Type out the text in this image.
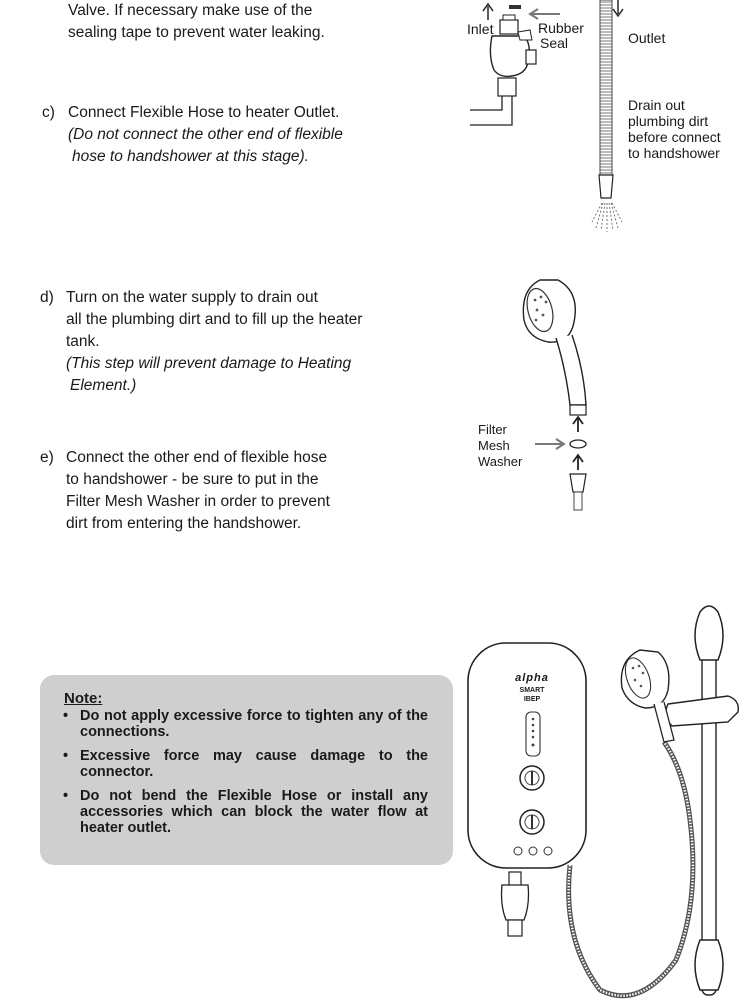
Valve. If necessary make use of the
sealing tape to prevent water leaking.
c) Connect Flexible Hose to heater Outlet.
(Do not connect the other end of flexible
hose to handshower at this stage).
d) Turn on the water supply to drain out
all the plumbing dirt and to fill up the heater
tank.
(This step will prevent damage to Heating
Element.)
e) Connect the other end of flexible hose
to handshower - be sure to put in the
Filter Mesh Washer in order to prevent
dirt from entering the handshower.
Inlet	Rubber
Seal	Outlet
Drain out
plumbing dirt
before connect
to handshower
Filter
Mesh
Washer
Note:
• Do not apply excessive force to tighten any of the connections.
• Excessive force may cause damage to the connector.
• Do not bend the Flexible Hose or install any accessories which can block the water flow at heater outlet.
alpha
SMART
IBEP
